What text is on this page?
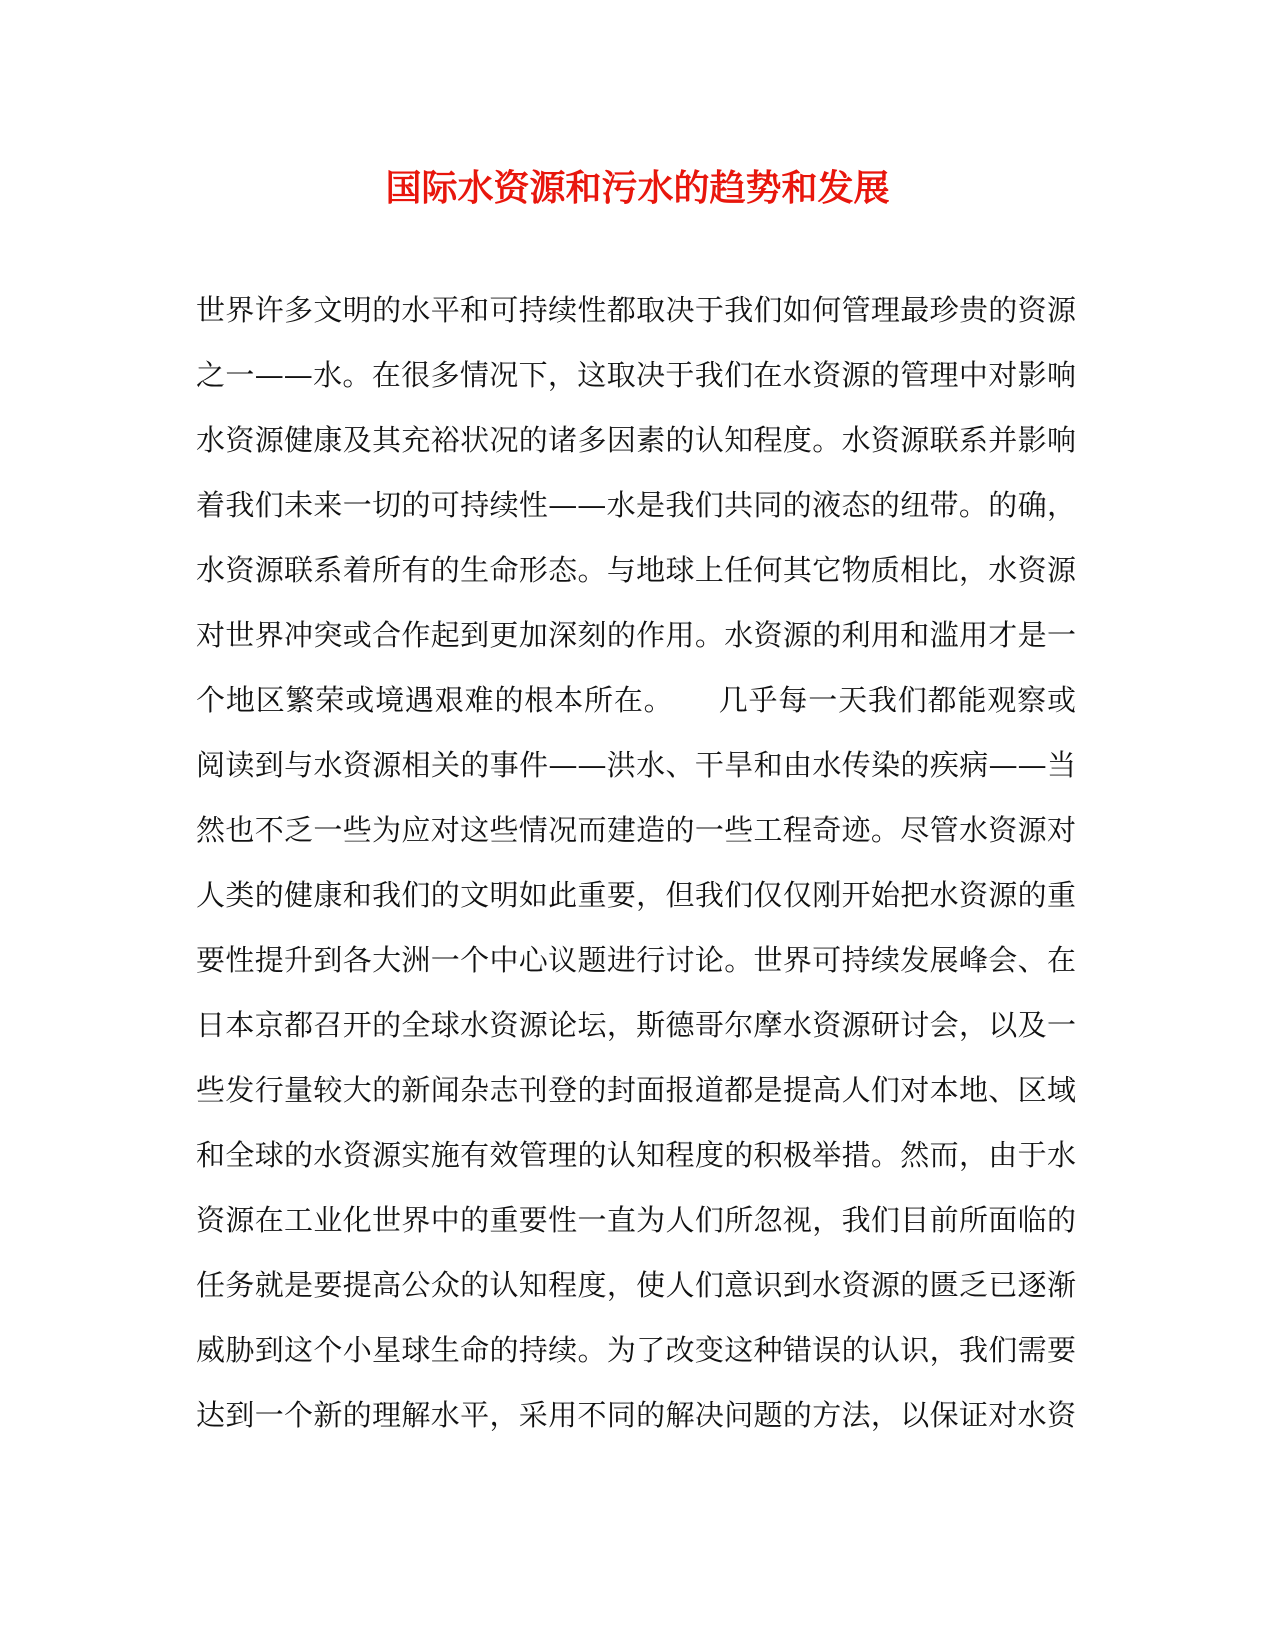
国际水资源和污水的趋势和发展
世界许多文明的水平和可持续性都取决于我们如何管理最珍贵的资源
之一——水。在很多情况下，这取决于我们在水资源的管理中对影响
水资源健康及其充裕状况的诸多因素的认知程度。水资源联系并影响
着我们未来一切的可持续性——水是我们共同的液态的纽带。的确，
水资源联系着所有的生命形态。与地球上任何其它物质相比，水资源
对世界冲突或合作起到更加深刻的作用。水资源的利用和滥用才是一
个地区繁荣或境遇艰难的根本所在。　　几乎每一天我们都能观察或
阅读到与水资源相关的事件——洪水、干旱和由水传染的疾病——当
然也不乏一些为应对这些情况而建造的一些工程奇迹。尽管水资源对
人类的健康和我们的文明如此重要，但我们仅仅刚开始把水资源的重
要性提升到各大洲一个中心议题进行讨论。世界可持续发展峰会、在
日本京都召开的全球水资源论坛，斯德哥尔摩水资源研讨会，以及一
些发行量较大的新闻杂志刊登的封面报道都是提高人们对本地、区域
和全球的水资源实施有效管理的认知程度的积极举措。然而，由于水
资源在工业化世界中的重要性一直为人们所忽视，我们目前所面临的
任务就是要提高公众的认知程度，使人们意识到水资源的匮乏已逐渐
威胁到这个小星球生命的持续。为了改变这种错误的认识，我们需要
达到一个新的理解水平，采用不同的解决问题的方法，以保证对水资
